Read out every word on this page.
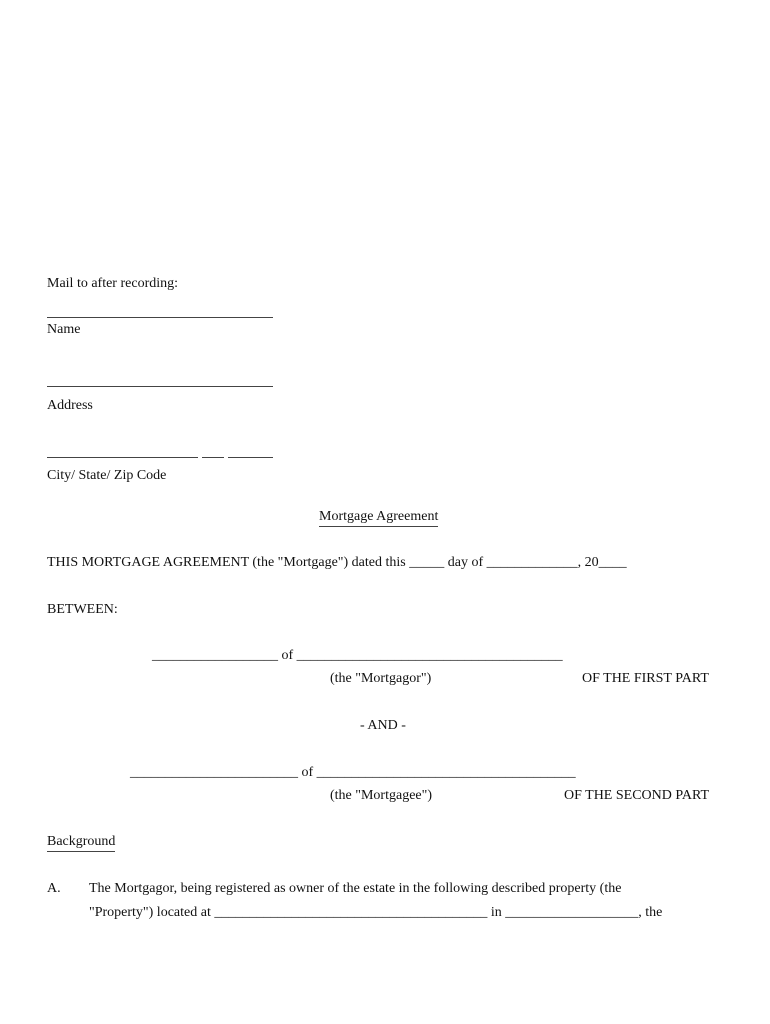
Mail to after recording:
Name
Address
City/ State/ Zip Code
Mortgage Agreement
THIS MORTGAGE AGREEMENT (the "Mortgage") dated this _____ day of _____________, 20____
BETWEEN:
__________________ of ______________________________________
(the "Mortgagor")	OF THE FIRST PART
- AND -
________________________ of _____________________________________
(the "Mortgagee")	OF THE SECOND PART
Background
A. The Mortgagor, being registered as owner of the estate in the following described property (the
"Property") located at _______________________________________ in ___________________, the
